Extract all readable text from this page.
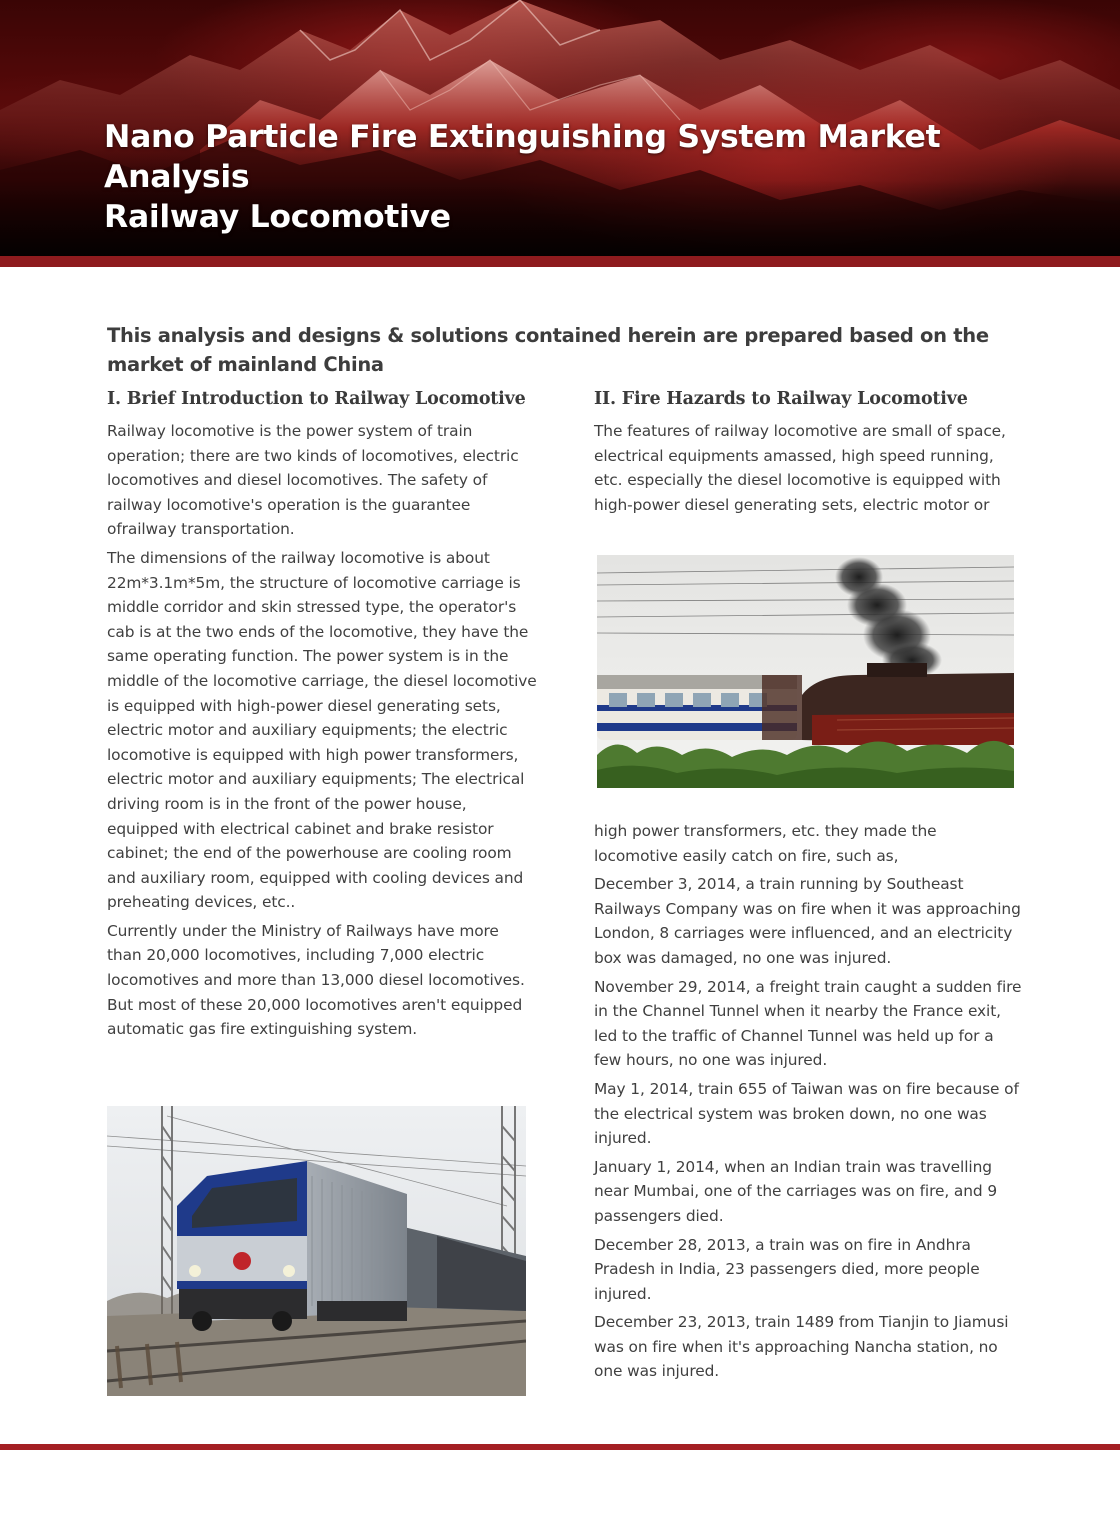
Nano Particle Fire Extinguishing System Market Analysis
Railway Locomotive
This analysis and designs & solutions contained herein are prepared based on the market of mainland China
I. Brief Introduction to Railway Locomotive

Railway locomotive is the power system of train operation; there are two kinds of locomotives, electric locomotives and diesel locomotives. The safety of railway locomotive's operation is the guarantee ofrailway transportation.

The dimensions of the railway locomotive is about 22m*3.1m*5m, the structure of locomotive carriage is middle corridor and skin stressed type, the operator's cab is at the two ends of the locomotive, they have the same operating function. The power system is in the middle of the locomotive carriage, the diesel locomotive is equipped with high-power diesel generating sets, electric motor and auxiliary equipments; the electric locomotive is equipped with high power transformers, electric motor and auxiliary equipments; The electrical driving room is in the front of the power house, equipped with electrical cabinet and brake resistor cabinet; the end of the powerhouse are cooling room and auxiliary room, equipped with cooling devices and preheating devices, etc..

Currently under the Ministry of Railways have more than 20,000 locomotives, including 7,000 electric locomotives and more than 13,000 diesel locomotives. But most of these 20,000 locomotives aren't equipped automatic gas fire extinguishing system.

II. Fire Hazards to Railway Locomotive

The features of railway locomotive are small of space, electrical equipments amassed, high speed running, etc. especially the diesel locomotive is equipped with high-power diesel generating sets, electric motor or

high power transformers, etc. they made the locomotive easily catch on fire, such as,

December 3, 2014, a train running by Southeast Railways Company was on fire when it was approaching London, 8 carriages were influenced, and an electricity box was damaged, no one was injured.

November 29, 2014, a freight train caught a sudden fire in the Channel Tunnel when it nearby the France exit, led to the traffic of Channel Tunnel was held up for a few hours, no one was injured.

May 1, 2014, train 655 of Taiwan was on fire because of the electrical system was broken down, no one was injured.

January 1, 2014, when an Indian train was travelling near Mumbai, one of the carriages was on fire, and 9 passengers died.

December 28, 2013, a train was on fire in Andhra Pradesh in India, 23 passengers died, more people injured.

December 23, 2013, train 1489 from Tianjin to Jiamusi was on fire when it's approaching Nancha station, no one was injured.
